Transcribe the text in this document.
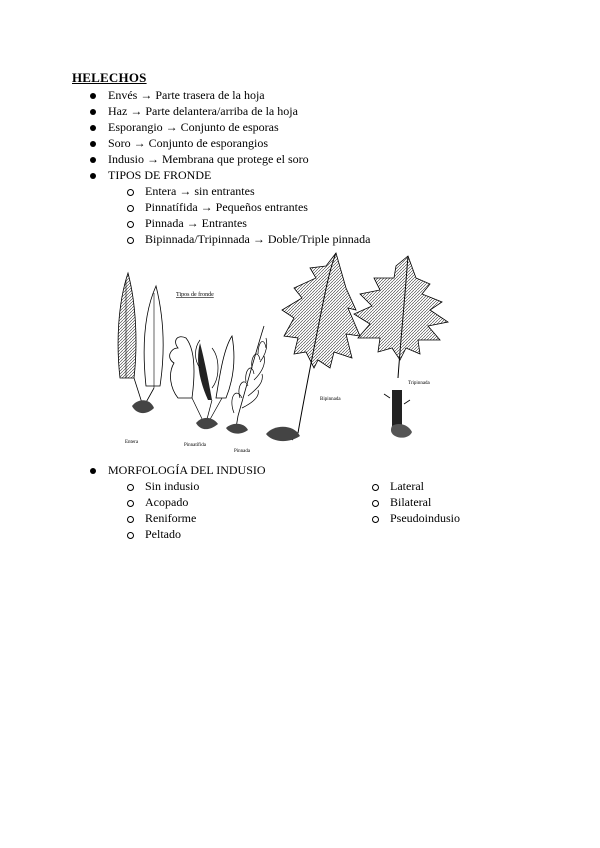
HELECHOS
Envés → Parte trasera de la hoja
Haz → Parte delantera/arriba de la hoja
Esporangio → Conjunto de esporas
Soro → Conjunto de esporangios
Indusio → Membrana que protege el soro
TIPOS DE FRONDE
Entera → sin entrantes
Pinnatífida → Pequeños entrantes
Pinnada → Entrantes
Bipinnada/Tripinnada → Doble/Triple pinnada
Entera
Tipos de fronde
Pinnatífida
Pinnada
Bipinnada
Tripinnada
MORFOLOGÍA DEL INDUSIO
Sin indusio
Acopado
Reniforme
Peltado
Lateral
Bilateral
Pseudoindusio
